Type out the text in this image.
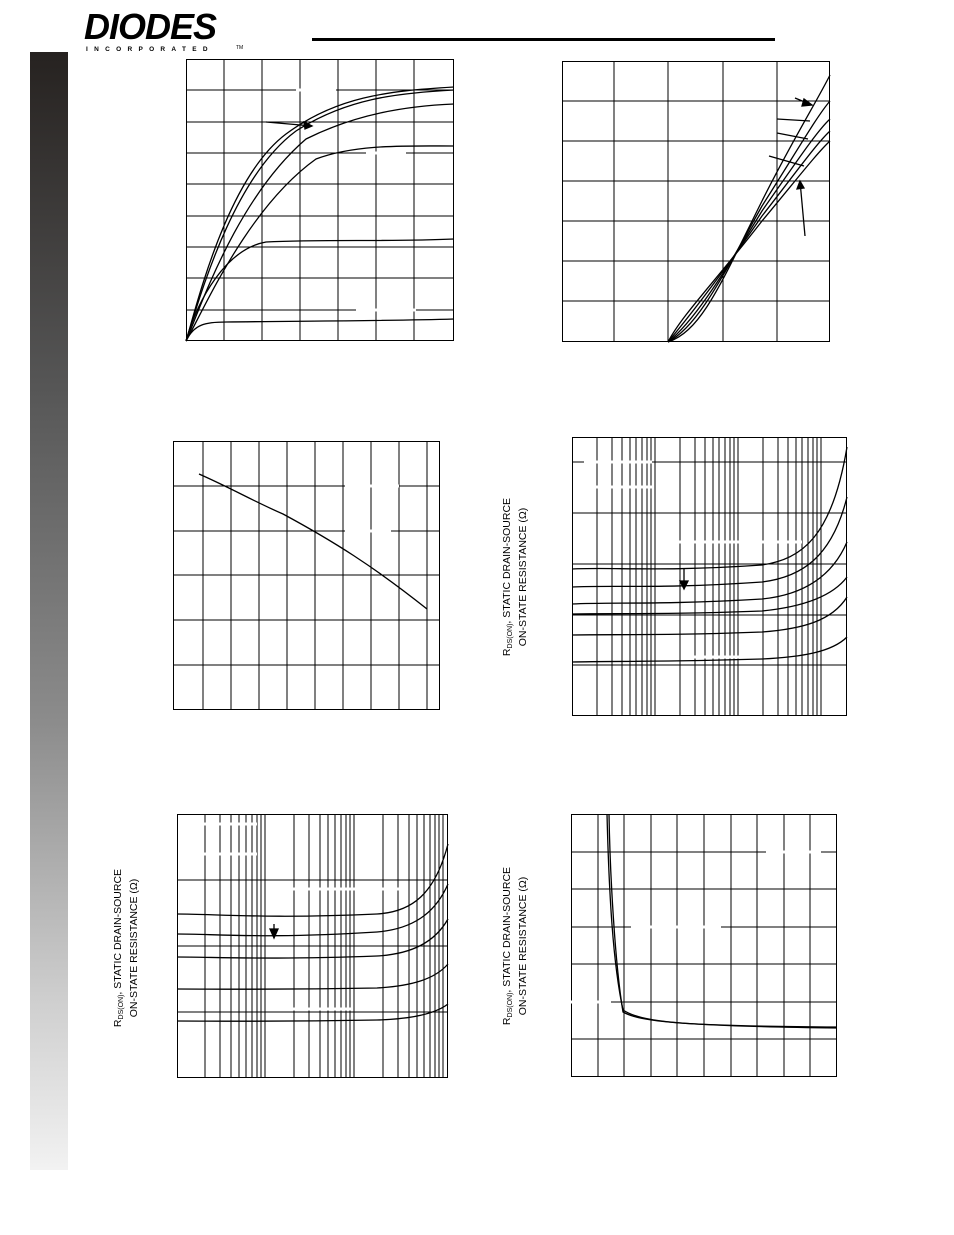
DIODES
INCORPORATED	TM
$R_{DS(ON)}$, STATIC DRAIN-SOURCE ON-STATE RESISTANCE (Ω)
$R_{DS(ON)}$, STATIC DRAIN-SOURCE ON-STATE RESISTANCE (Ω)
$R_{DS(ON)}$, STATIC DRAIN-SOURCE ON-STATE RESISTANCE (Ω)
